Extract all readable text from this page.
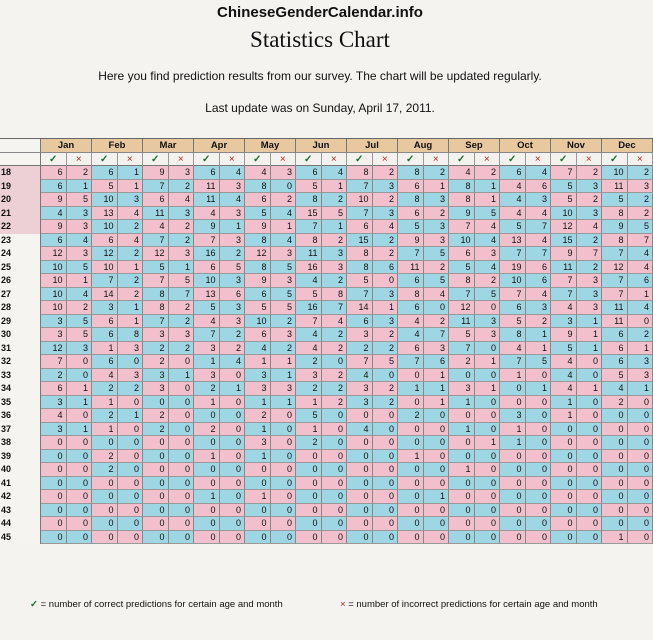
ChineseGenderCalendar.info
Statistics Chart
Here you find prediction results from our survey. The chart will be updated regularly.
Last update was on Sunday, April 17, 2011.
Jan	Feb	Mar	Apr	May	Jun	Jul	Aug	Sep	Oct	Nov	Dec
✓	×	✓	×	✓	×	✓	×	✓	×	✓	×	✓	×	✓	×	✓	×	✓	×	✓	×	✓	×
18	6	2	6	1	9	3	6	4	4	3	6	4	8	2	8	2	4	2	6	4	7	2	10	2
19	6	1	5	1	7	2	11	3	8	0	5	1	7	3	6	1	8	1	4	6	5	3	11	3
20	9	5	10	3	6	4	11	4	6	2	8	2	10	2	8	3	8	1	4	3	5	2	5	2
21	4	3	13	4	11	3	4	3	5	4	15	5	7	3	6	2	9	5	4	4	10	3	8	2
22	9	3	10	2	4	2	9	1	9	1	7	1	6	4	5	3	7	4	5	7	12	4	9	5
23	6	4	6	4	7	2	7	3	8	4	8	2	15	2	9	3	10	4	13	4	15	2	8	7
24	12	3	12	2	12	3	16	2	12	3	11	3	8	2	7	5	6	3	7	7	9	7	7	4
25	10	5	10	1	5	1	6	5	8	5	16	3	8	6	11	2	5	4	19	6	11	2	12	4
26	10	1	7	2	7	5	10	3	9	3	4	2	5	0	6	5	8	2	10	6	7	3	7	6
27	10	4	14	2	8	7	13	6	6	5	5	8	7	3	8	4	7	5	7	4	7	3	7	1
28	10	2	3	1	8	2	5	3	5	5	16	7	14	1	6	0	12	0	6	3	4	3	11	4
29	3	5	6	1	7	2	4	3	10	2	7	4	6	3	4	2	11	3	5	2	3	1	11	0
30	3	5	6	8	3	3	7	2	6	3	4	2	3	2	4	7	5	3	8	1	9	1	6	2
31	12	3	1	3	2	2	3	2	4	2	4	2	2	2	6	3	7	0	4	1	5	1	6	1
32	7	0	6	0	2	0	1	4	1	1	2	0	7	5	7	6	2	1	7	5	4	0	6	3
33	2	0	4	3	3	1	3	0	3	1	3	2	4	0	0	1	0	0	1	0	4	0	5	3
34	6	1	2	2	3	0	2	1	3	3	2	2	3	2	1	1	3	1	0	1	4	1	4	1
35	3	1	1	0	0	0	1	0	1	1	1	2	3	2	0	1	1	0	0	0	1	0	2	0
36	4	0	2	1	2	0	0	0	2	0	5	0	0	0	2	0	0	0	3	0	1	0	0	0
37	3	1	1	0	2	0	2	0	1	0	1	0	4	0	0	0	1	0	1	0	0	0	0	0
38	0	0	0	0	0	0	0	0	3	0	2	0	0	0	0	0	0	1	1	0	0	0	0	0
39	0	0	2	0	0	0	1	0	1	0	0	0	0	0	1	0	0	0	0	0	0	0	0	0
40	0	0	2	0	0	0	0	0	0	0	0	0	0	0	0	0	1	0	0	0	0	0	0	0
41	0	0	0	0	0	0	0	0	0	0	0	0	0	0	0	0	0	0	0	0	0	0	0	0
42	0	0	0	0	0	0	1	0	1	0	0	0	0	0	0	1	0	0	0	0	0	0	0	0
43	0	0	0	0	0	0	0	0	0	0	0	0	0	0	0	0	0	0	0	0	0	0	0	0
44	0	0	0	0	0	0	0	0	0	0	0	0	0	0	0	0	0	0	0	0	0	0	0	0
45	0	0	0	0	0	0	0	0	0	0	0	0	0	0	0	0	0	0	0	0	0	0	1	0
✓ = number of correct predictions for certain age and month	× = number of incorrect predictions for certain age and month
